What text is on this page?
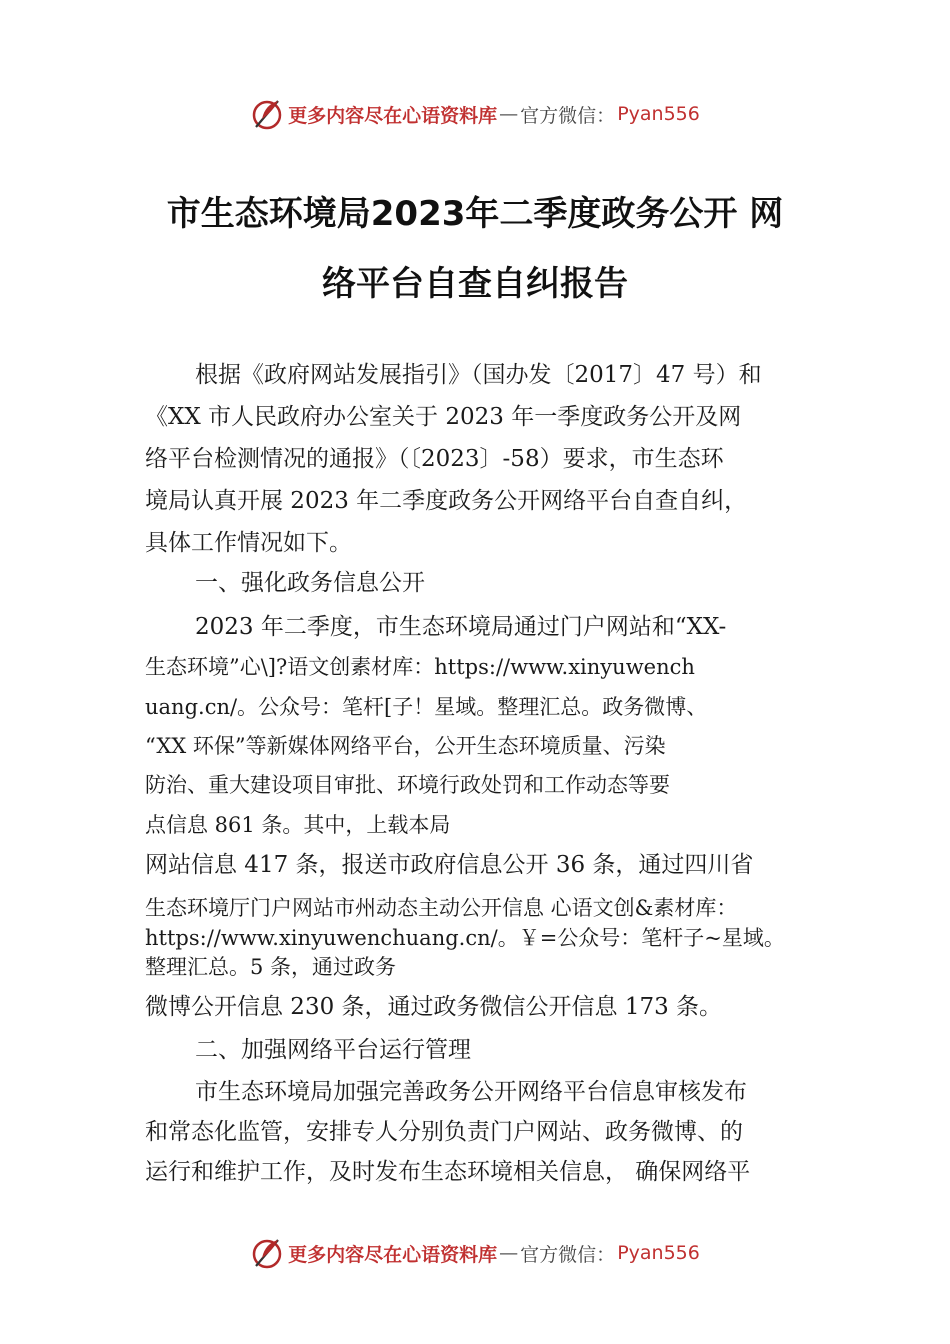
更多内容尽在心语资料库 — 官方微信： Pyan556
市生态环境局2023年二季度政务公开 网
络平台自查自纠报告

根据《政府网站发展指引》（国办发〔2017〕47 号）和

《XX 市人民政府办公室关于 2023 年一季度政务公开及网

络平台检测情况的通报》（〔2023〕-58）要求，市生态环

境局认真开展 2023 年二季度政务公开网络平台自查自纠，

具体工作情况如下。

一、强化政务信息公开

2023 年二季度，市生态环境局通过门户网站和“XX-

生态环境”心\]?语文创素材库：https://www.xinyuwench

uang.cn/。公众号：笔杆[子！星域。整理汇总。政务微博、

“XX 环保”等新媒体网络平台，公开生态环境质量、污染

防治、重大建设项目审批、环境行政处罚和工作动态等要

点信息 861 条。其中，上载本局

网站信息 417 条，报送市政府信息公开 36 条，通过四川省

生态环境厅门户网站市州动态主动公开信息 心语文创&素材库：

https://www.xinyuwenchuang.cn/。￥=公众号：笔杆子~星域。

整理汇总。5 条，通过政务

微博公开信息 230 条，通过政务微信公开信息 173 条。

二、加强网络平台运行管理

市生态环境局加强完善政务公开网络平台信息审核发布

和常态化监管，安排专人分别负责门户网站、政务微博、的

运行和维护工作，及时发布生态环境相关信息， 确保网络平

更多内容尽在心语资料库 — 官方微信： Pyan556
